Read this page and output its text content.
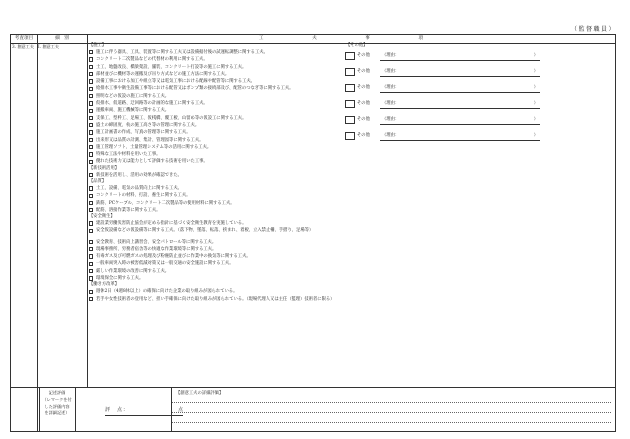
（監督職員）
考査項目	細　別	工　夫　事　項
3. 創意工夫 Ⅰ. 創意工夫	【施工】
施工に伴う器具、工具、装置等に関する工夫又は設備据付後の試運転調整に関する工夫。
コンクリート二次製品などの代替材の利用に関する工夫。
土工、地盤改良、橋梁架設、舗装、コンクリート打設等の施工に関する工夫。
部材並びに機材等の運搬及び吊り方式などの施工方法に関する工夫。
設備工事における加工や組立等又は電気工事における配線や配管等に関する工夫。
給排水工事や衛生設備工事等における配管又はポンプ類の接続部及び、配管のつなぎ等に関する工夫。
照明などの仮設の施工に関する工夫。
仮排水、仮道路、迂回路等の計画的な施工に関する工夫。
運搬車両、施工機械等に関する工夫。
支保工、型枠工、足場工、仮桟橋、覆工板、山留め等の仮設工に関する工夫。
盛土の締固度、杭の施工高さ等の管理に関する工夫。
施工計画書の作成、写真の管理等に関する工夫。
出来形又は品質の計測、集計、管理図等に関する工夫。
施工管理ソフト、土量管理システム等の活用に関する工夫。
特殊な工法や材料を用いた工事。
優れた技術力又は能力として評価する技術を用いた工事。
【新技術活用】
新技術を活用し、活用の効果が確認できた。
【品質】
土工、設備、電気の品質向上に関する工夫。
コンクリートの材料、打設、養生に関する工夫。
鉄筋、PCケーブル、コンクリート二次製品等の使用材料に関する工夫。
配筋、溶接作業等に関する工夫。
【安全衛生】
建設業労働災害防止協会が定める指針に基づく安全衛生教育を実施している。
安全仮設備などの仮設備等に関する工夫。（落下物、墜落、転落、挟まれ、着板、立入禁止柵、手摺り、足場等）
安全教育、技術向上講習会、安全パトロール等に関する工夫。
現場事務所、労務者宿舎等の快適な作業環境等に関する工夫。
有毒ガス及び可燃ガスの処理及び粉塵防止並びに作業中の換気等に関する工夫。
一般車両突入時の被害低減対策又は一般交通の安全施設に関する工夫。
厳しい作業環境の改善に関する工夫。
環境保全に関する工夫。
【働き方改革】
週休2日（4週8休以上）の確保に向けた企業の取り組みが図られている。
若手や女性技術者の登用など、担い手確保に向けた取り組みが図られている。（現場代理人又は主任（監理）技術者に限る）
【その他】
その他	（理由：	）
その他	（理由：	）
その他	（理由：	）
その他	（理由：	）
その他	（理由：	）
その他	（理由：	）
記述評価
（レマークを付
した評価内容
を詳細記述）	評　点：	点
【創意工夫の詳細評価】
